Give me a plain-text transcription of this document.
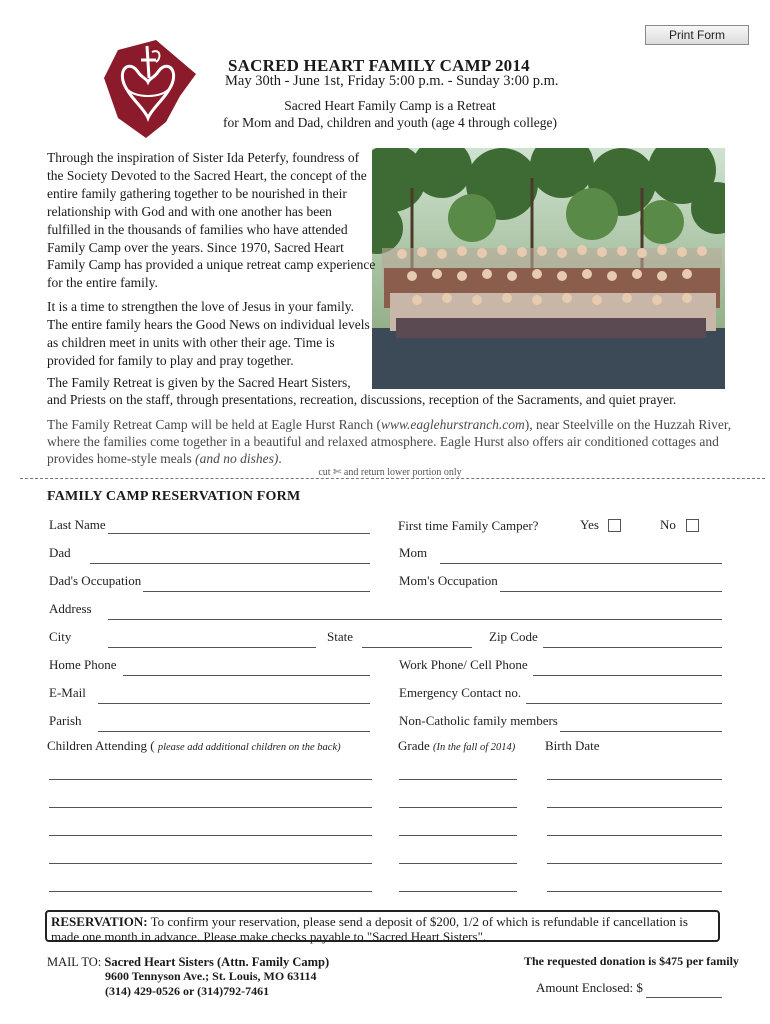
Print Form
SACRED HEART FAMILY CAMP 2014
May 30th - June 1st, Friday 5:00 p.m. - Sunday 3:00 p.m.
Sacred Heart Family Camp is a Retreat
for Mom and Dad, children and youth (age 4 through college)
Through the inspiration of Sister Ida Peterfy, foundress of the Society Devoted to the Sacred Heart, the concept of the entire family gathering together to be nourished in their relationship with God and with one another has been fulfilled in the thousands of families who have attended Family Camp over the years. Since 1970, Sacred Heart Family Camp has provided a unique retreat camp experience for the entire family.
It is a time to strengthen the love of Jesus in your family. The entire family hears the Good News on individual levels as children meet in units with other their age. Time is provided for family to play and pray together.
The Family Retreat is given by the Sacred Heart Sisters,
and Priests on the staff, through presentations, recreation, discussions, reception of the Sacraments, and quiet prayer.
The Family Retreat Camp will be held at Eagle Hurst Ranch (www.eaglehurstranch.com), near Steelville on the Huzzah River, where the families come together in a beautiful and relaxed atmosphere. Eagle Hurst also offers air conditioned cottages and provides home-style meals (and no dishes).
cut ✄ and return lower portion only
FAMILY CAMP RESERVATION FORM
Last Name	First time Family Camper?	Yes	No
Dad	Mom
Dad's Occupation	Mom's Occupation
Address
City	State	Zip Code
Home Phone	Work Phone/ Cell Phone
E-Mail	Emergency Contact no.
Parish	Non-Catholic family members
Children Attending ( please add additional children on the back)	Grade (In the fall of 2014) Birth Date
RESERVATION: To confirm your reservation, please send a deposit of $200, 1/2 of which is refundable if cancellation is made one month in advance. Please make checks payable to "Sacred Heart Sisters".
MAIL TO: Sacred Heart Sisters (Attn. Family Camp)
9600 Tennyson Ave.; St. Louis, MO 63114
(314) 429-0526 or (314)792-7461
The requested donation is $475 per family
Amount Enclosed: $
